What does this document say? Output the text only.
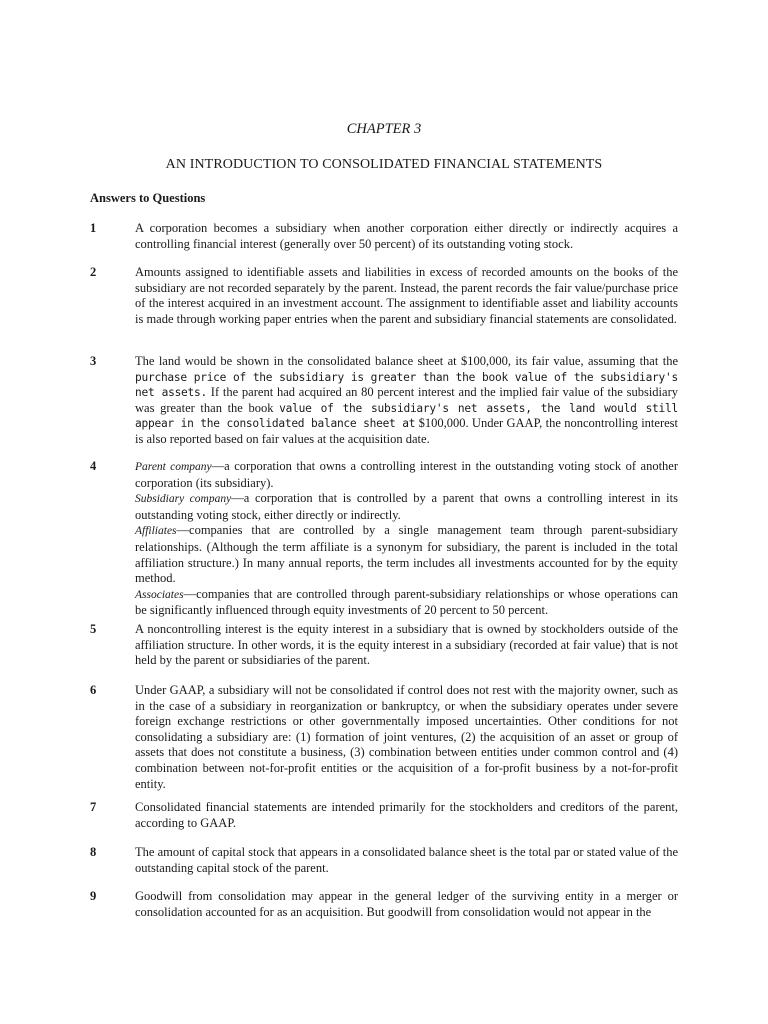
CHAPTER 3
AN INTRODUCTION TO CONSOLIDATED FINANCIAL STATEMENTS
Answers to Questions
1	A corporation becomes a subsidiary when another corporation either directly or indirectly acquires a controlling financial interest (generally over 50 percent) of its outstanding voting stock.
2	Amounts assigned to identifiable assets and liabilities in excess of recorded amounts on the books of the subsidiary are not recorded separately by the parent. Instead, the parent records the fair value/purchase price of the interest acquired in an investment account. The assignment to identifiable asset and liability accounts is made through working paper entries when the parent and subsidiary financial statements are consolidated.
3	The land would be shown in the consolidated balance sheet at $100,000, its fair value, assuming that the purchase price of the subsidiary is greater than the book value of the subsidiary's net assets. If the parent had acquired an 80 percent interest and the implied fair value of the subsidiary was greater than the book value of the subsidiary's net assets, the land would still appear in the consolidated balance sheet at $100,000. Under GAAP, the noncontrolling interest is also reported based on fair values at the acquisition date.
4	Parent company—a corporation that owns a controlling interest in the outstanding voting stock of another corporation (its subsidiary).

Subsidiary company—a corporation that is controlled by a parent that owns a controlling interest in its outstanding voting stock, either directly or indirectly.

Affiliates—companies that are controlled by a single management team through parent-subsidiary relationships. (Although the term affiliate is a synonym for subsidiary, the parent is included in the total affiliation structure.) In many annual reports, the term includes all investments accounted for by the equity method.

Associates—companies that are controlled through parent-subsidiary relationships or whose operations can be significantly influenced through equity investments of 20 percent to 50 percent.

5	A noncontrolling interest is the equity interest in a subsidiary that is owned by stockholders outside of the affiliation structure. In other words, it is the equity interest in a subsidiary (recorded at fair value) that is not held by the parent or subsidiaries of the parent.
6	Under GAAP, a subsidiary will not be consolidated if control does not rest with the majority owner, such as in the case of a subsidiary in reorganization or bankruptcy, or when the subsidiary operates under severe foreign exchange restrictions or other governmentally imposed uncertainties. Other conditions for not consolidating a subsidiary are: (1) formation of joint ventures, (2) the acquisition of an asset or group of assets that does not constitute a business, (3) combination between entities under common control and (4) combination between not-for-profit entities or the acquisition of a for-profit business by a not-for-profit entity.
7	Consolidated financial statements are intended primarily for the stockholders and creditors of the parent, according to GAAP.
8	The amount of capital stock that appears in a consolidated balance sheet is the total par or stated value of the outstanding capital stock of the parent.
9	Goodwill from consolidation may appear in the general ledger of the surviving entity in a merger or consolidation accounted for as an acquisition. But goodwill from consolidation would not appear in the
